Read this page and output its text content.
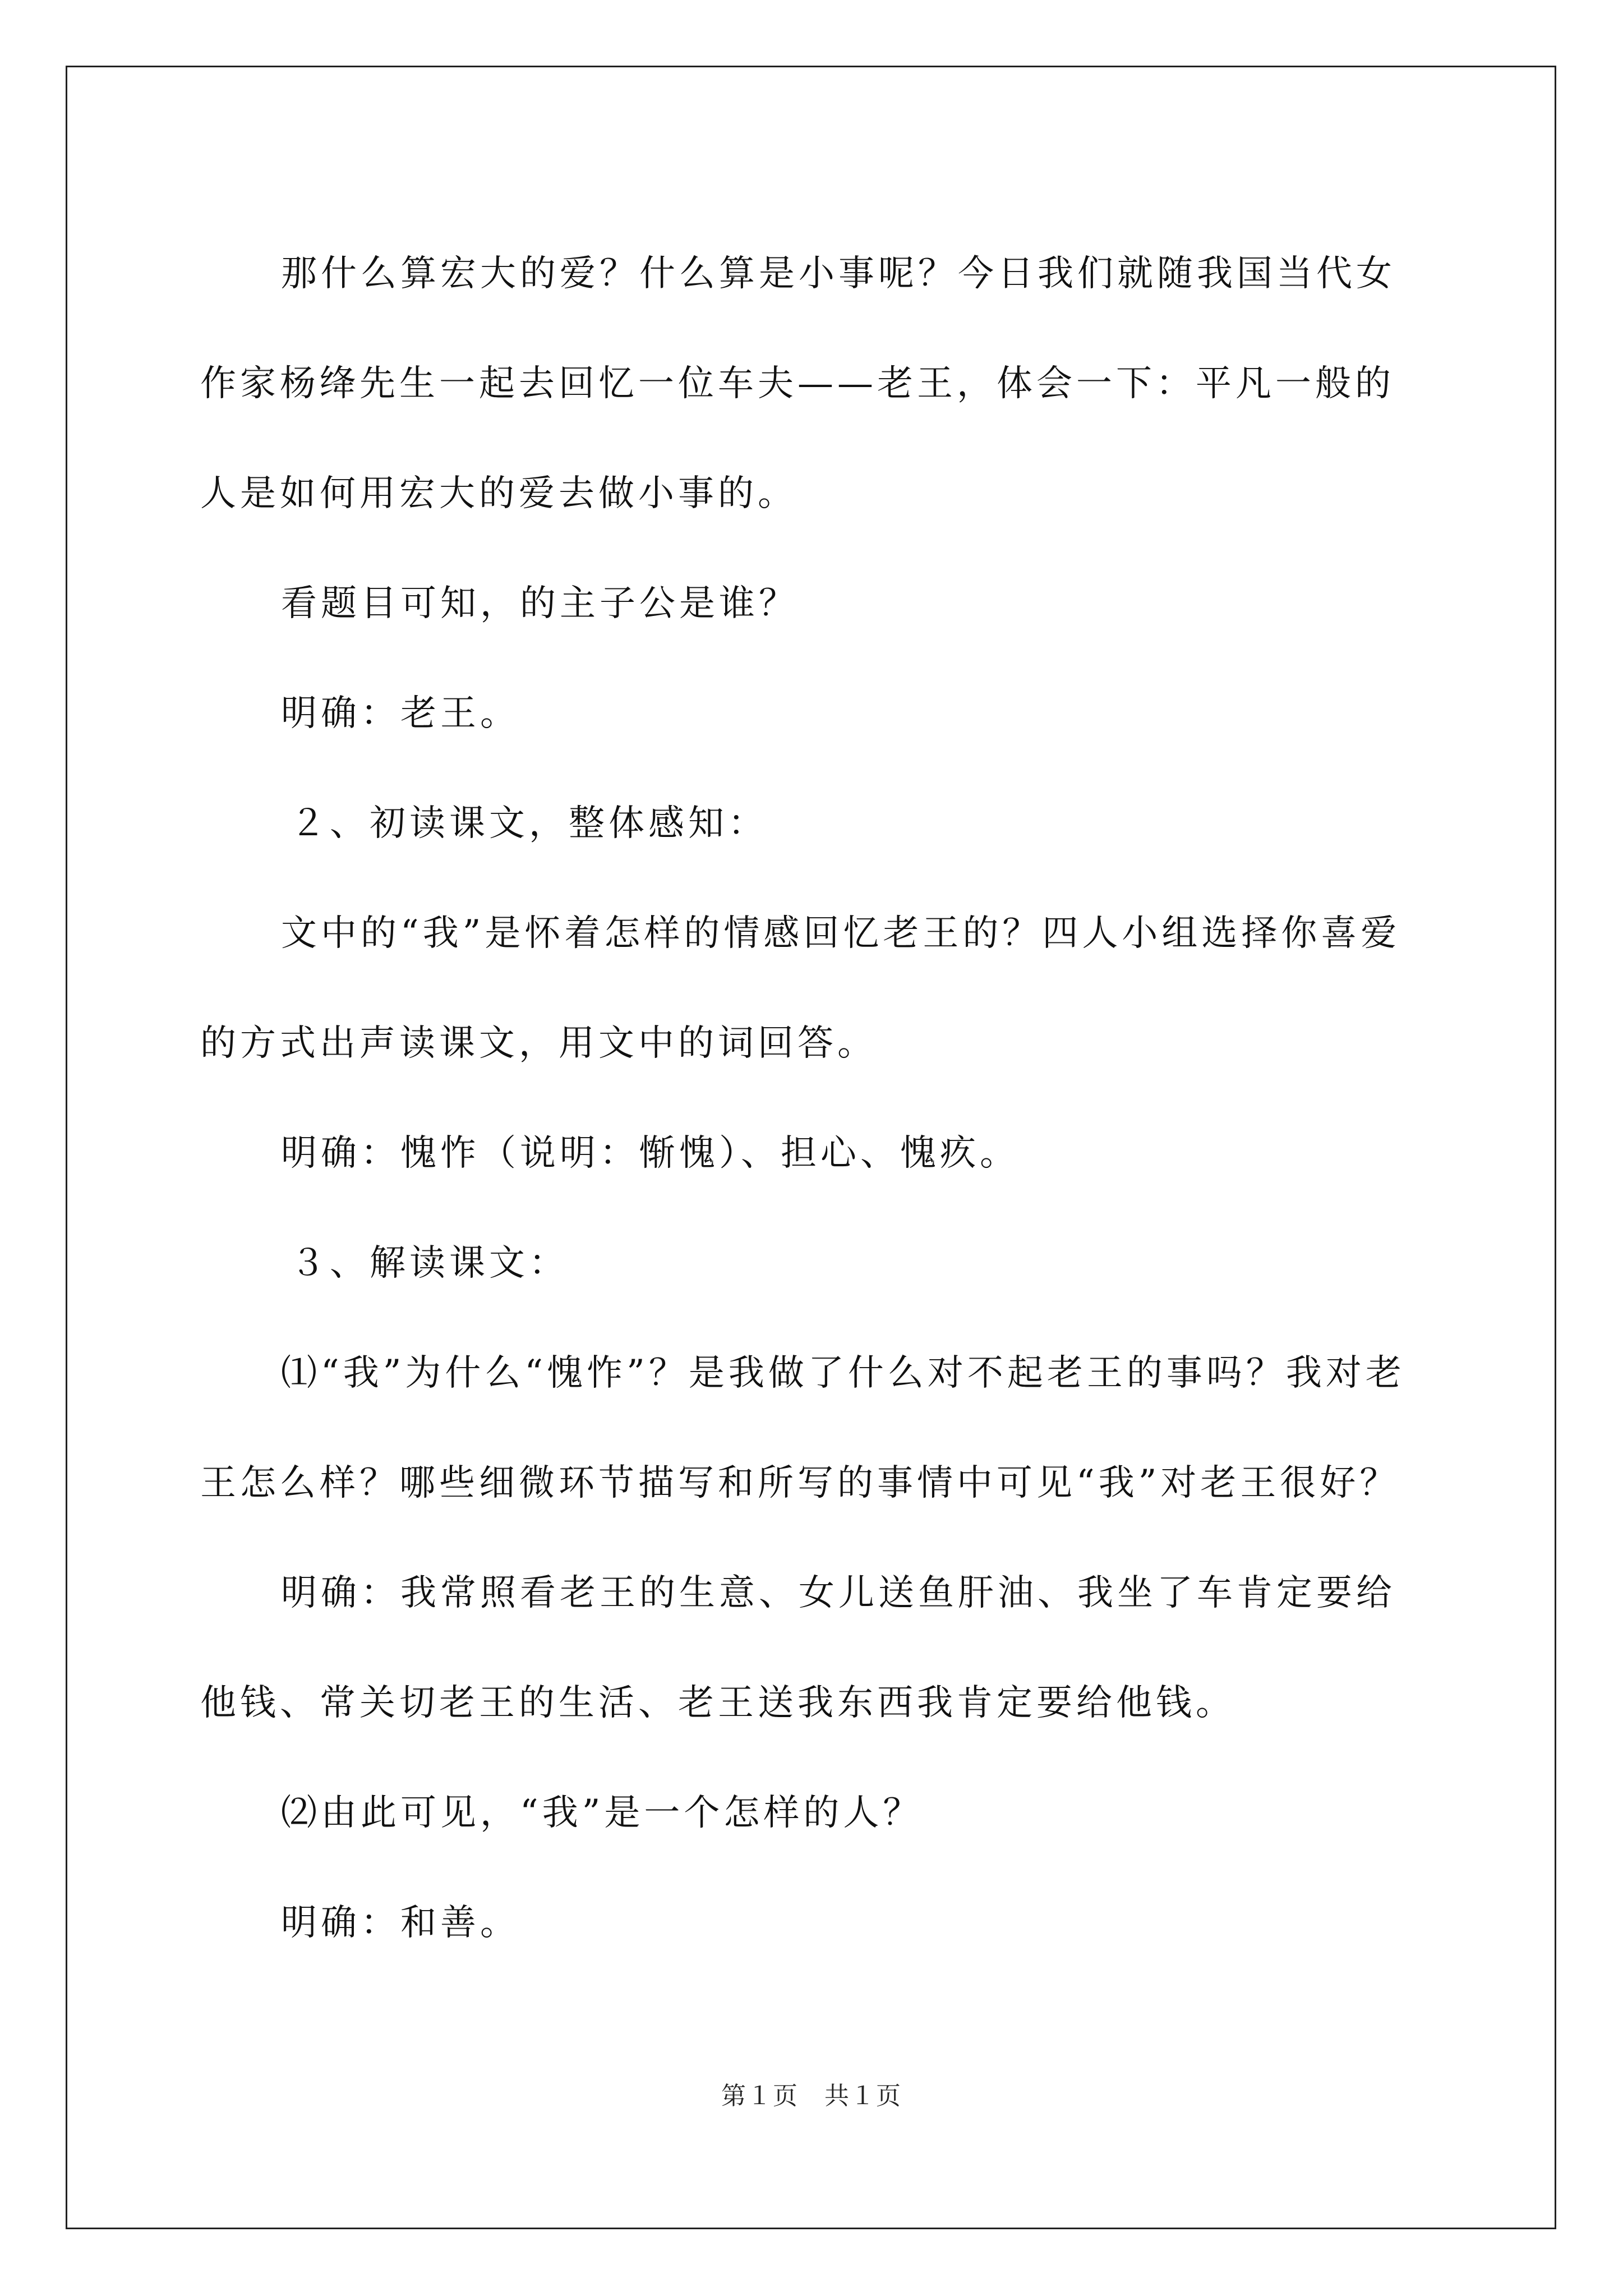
那什么算宏大的爱？什么算是小事呢？今日我们就随我国当代女作家杨绛先生一起去回忆一位车夫——老王，体会一下：平凡一般的人是如何用宏大的爱去做小事的。

看题目可知，的主子公是谁？

明确：老王。

２、初读课文，整体感知：

文中的“我”是怀着怎样的情感回忆老王的？四人小组选择你喜爱的方式出声读课文，用文中的词回答。

明确：愧怍（说明：惭愧）、担心、愧疚。

３、解读课文：

⑴“我”为什么“愧怍”？是我做了什么对不起老王的事吗？我对老王怎么样？哪些细微环节描写和所写的事情中可见“我”对老王很好？

明确：我常照看老王的生意、女儿送鱼肝油、我坐了车肯定要给他钱、常关切老王的生活、老王送我东西我肯定要给他钱。

⑵由此可见，“我”是一个怎样的人？

明确：和善。

第１页　共１页
